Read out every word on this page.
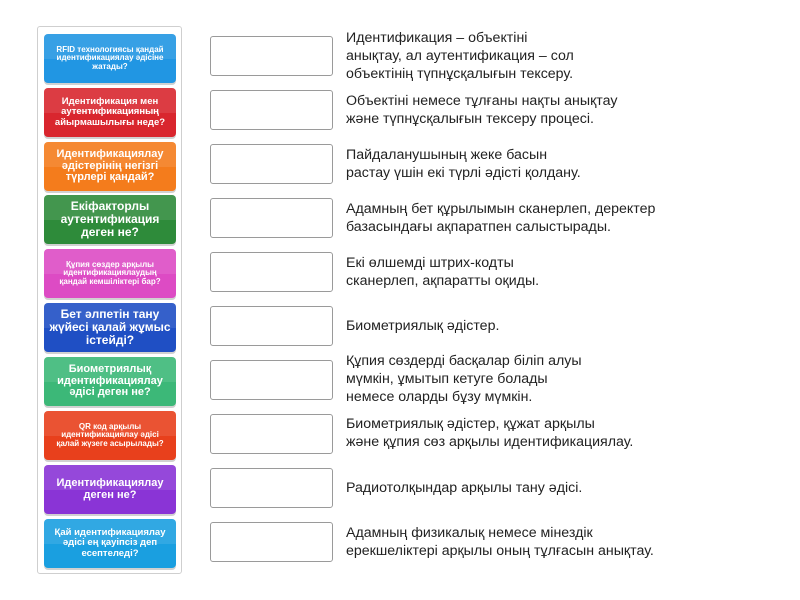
RFID технологиясы қандай идентификациялау әдісіне жатады?
Идентификация мен аутентификацияның айырмашылығы неде?
Идентификациялау әдістерінің негізгі түрлері қандай?
Екіфакторлы аутентификация деген не?
Құпия сөздер арқылы идентификациялаудың қандай кемшіліктері бар?
Бет әлпетін тану жүйесі қалай жұмыс істейді?
Биометриялық идентификациялау әдісі деген не?
QR код арқылы идентификациялау әдісі қалай жүзеге асырылады?
Идентификациялау деген не?
Қай идентификациялау әдісі ең қауіпсіз деп есептеледі?
Идентификация – объектіні
анықтау, ал аутентификация – сол
объектінің түпнұсқалығын тексеру.
Объектіні немесе тұлғаны нақты анықтау
және түпнұсқалығын тексеру процесі.
Пайдаланушының жеке басын
растау үшін екі түрлі әдісті қолдану.
Адамның бет құрылымын сканерлеп, деректер
базасындағы ақпаратпен салыстырады.
Екі өлшемді штрих-кодты
сканерлеп, ақпаратты оқиды.
Биометриялық әдістер.
Құпия сөздерді басқалар біліп алуы
мүмкін, ұмытып кетуге болады
немесе оларды бұзу мүмкін.
Биометриялық әдістер, құжат арқылы
және құпия сөз арқылы идентификациялау.
Радиотолқындар арқылы тану әдісі.
Адамның физикалық немесе мінездік
ерекшеліктері арқылы оның тұлғасын анықтау.
